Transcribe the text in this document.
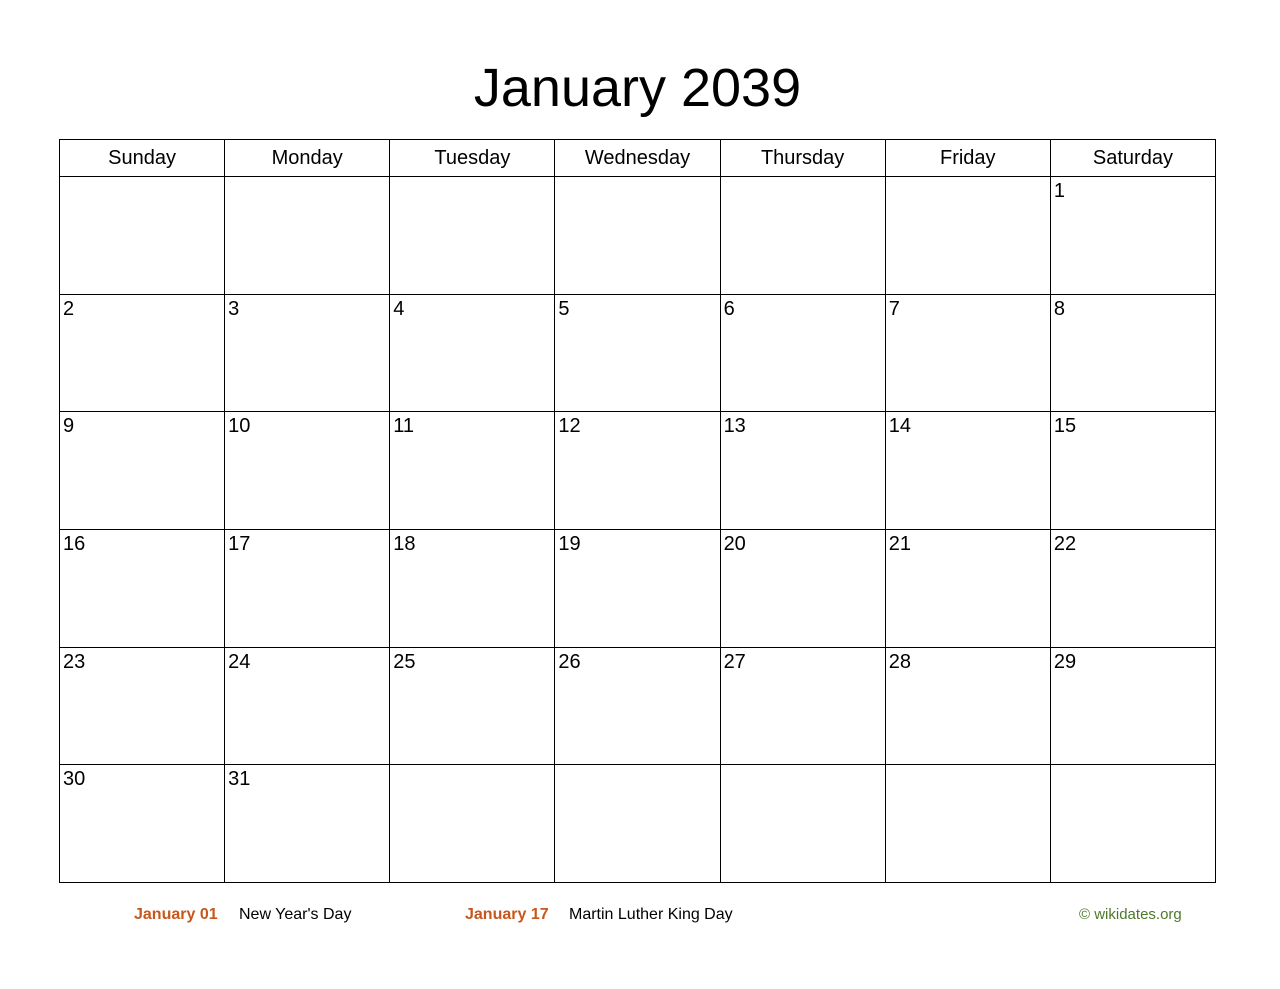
January 2039
Sunday	Monday	Tuesday	Wednesday	Thursday	Friday	Saturday

						1

2	3	4	5	6	7	8

9	10	11	12	13	14	15

16	17	18	19	20	21	22

23	24	25	26	27	28	29

30	31					

January 01 New Year's Day	January 17 Martin Luther King Day	© wikidates.org
